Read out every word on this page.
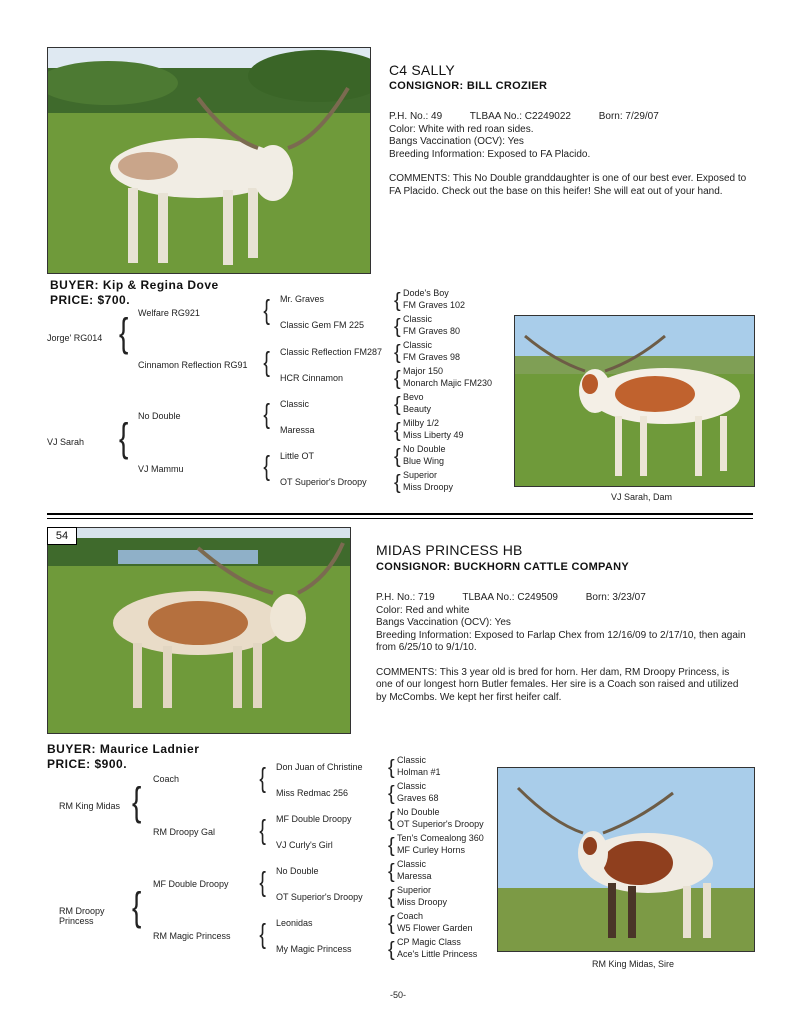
C4 SALLY
CONSIGNOR: BILL CROZIER
P.H. No.: 49          TLBAA No.: C2249022          Born: 7/29/07
Color: White with red roan sides.
Bangs Vaccination (OCV): Yes
Breeding Information: Exposed to FA Placido.
COMMENTS: This No Double granddaughter is one of our best ever. Exposed to FA Placido. Check out the base on this heifer! She will eat out of your hand.
BUYER: Kip & Regina Dove
PRICE: $700.
Jorge' RG014
VJ Sarah
{
{
Welfare RG921
Cinnamon Reflection RG91
No Double
VJ Mammu
{
{
{
{
Mr. Graves
Classic Gem FM 225
Classic Reflection FM287
HCR Cinnamon
Classic
Maressa
Little OT
OT Superior's Droopy
{ Dode's Boy
FM Graves 102
{ Classic
FM Graves 80
{ Classic
FM Graves 98
{ Major 150
Monarch Majic FM230
{ Bevo
Beauty
{ Milby 1/2
Miss Liberty 49
{ No Double
Blue Wing
{ Superior
Miss Droopy
VJ Sarah, Dam
54
MIDAS PRINCESS HB
CONSIGNOR: BUCKHORN CATTLE COMPANY
P.H. No.: 719          TLBAA No.: C249509          Born: 3/23/07
Color: Red and white
Bangs Vaccination (OCV): Yes
Breeding Information: Exposed to Farlap Chex from 12/16/09 to 2/17/10, then again from 6/25/10 to 9/1/10.
COMMENTS: This 3 year old is bred for horn. Her dam, RM Droopy Princess, is one of our longest horn Butler females. Her sire is a Coach son raised and utilized by McCombs. We kept her first heifer calf.
BUYER: Maurice Ladnier
PRICE: $900.
RM King Midas
RM Droopy Princess
{
{
Coach
RM Droopy Gal
MF Double Droopy
RM Magic Princess
{
{
{
{
Don Juan of Christine
Miss Redmac 256
MF Double Droopy
VJ Curly's Girl
No Double
OT Superior's Droopy
Leonidas
My Magic Princess
{ Classic
Holman #1
{ Classic
Graves 68
{ No Double
OT Superior's Droopy
{ Ten's Comealong 360
MF Curley Horns
{ Classic
Maressa
{ Superior
Miss Droopy
{ Coach
W5 Flower Garden
{ CP Magic Class
Ace's Little Princess
RM King Midas, Sire
-50-
